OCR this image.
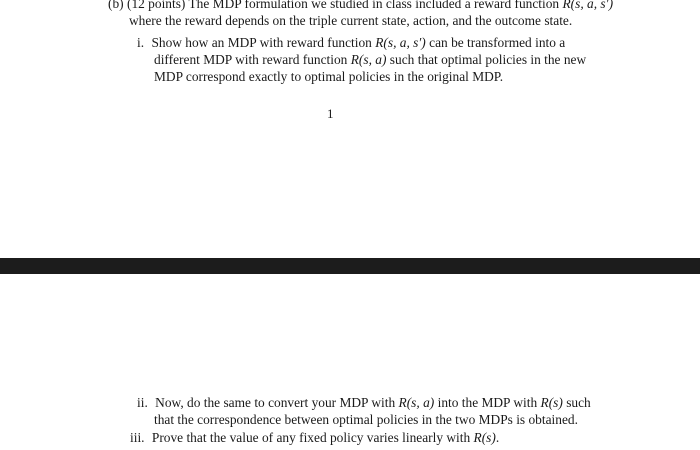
(b) (12 points) The MDP formulation we studied in class included a reward function R(s, a, s′)
where the reward depends on the triple current state, action, and the outcome state.
i. Show how an MDP with reward function R(s, a, s′) can be transformed into a
different MDP with reward function R(s, a) such that optimal policies in the new
MDP correspond exactly to optimal policies in the original MDP.
1
ii. Now, do the same to convert your MDP with R(s, a) into the MDP with R(s) such
that the correspondence between optimal policies in the two MDPs is obtained.
iii. Prove that the value of any fixed policy varies linearly with R(s).
